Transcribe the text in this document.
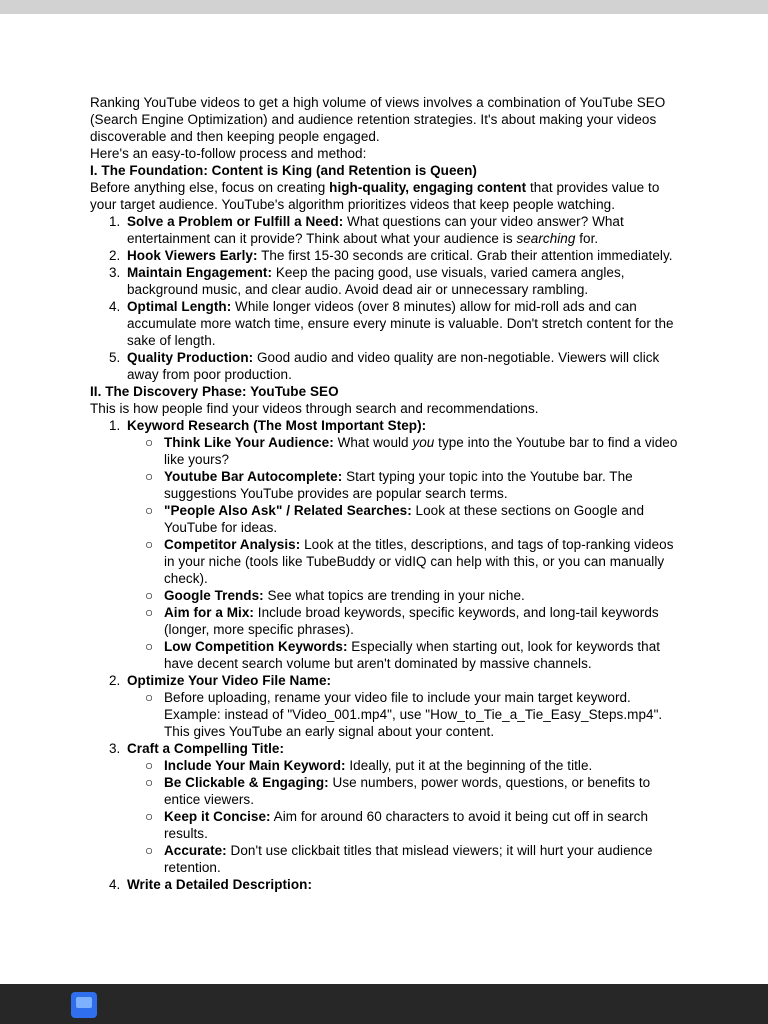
Ranking YouTube videos to get a high volume of views involves a combination of YouTube SEO (Search Engine Optimization) and audience retention strategies. It's about making your videos discoverable and then keeping people engaged.
Here's an easy-to-follow process and method:
I. The Foundation: Content is King (and Retention is Queen)
Before anything else, focus on creating high-quality, engaging content that provides value to your target audience. YouTube's algorithm prioritizes videos that keep people watching.
1. Solve a Problem or Fulfill a Need: What questions can your video answer? What entertainment can it provide? Think about what your audience is searching for.
2. Hook Viewers Early: The first 15-30 seconds are critical. Grab their attention immediately.
3. Maintain Engagement: Keep the pacing good, use visuals, varied camera angles, background music, and clear audio. Avoid dead air or unnecessary rambling.
4. Optimal Length: While longer videos (over 8 minutes) allow for mid-roll ads and can accumulate more watch time, ensure every minute is valuable. Don't stretch content for the sake of length.
5. Quality Production: Good audio and video quality are non-negotiable. Viewers will click away from poor production.
II. The Discovery Phase: YouTube SEO
This is how people find your videos through search and recommendations.
1. Keyword Research (The Most Important Step):
○ Think Like Your Audience: What would you type into the Youtube bar to find a video like yours?
○ Youtube Bar Autocomplete: Start typing your topic into the Youtube bar. The suggestions YouTube provides are popular search terms.
○ "People Also Ask" / Related Searches: Look at these sections on Google and YouTube for ideas.
○ Competitor Analysis: Look at the titles, descriptions, and tags of top-ranking videos in your niche (tools like TubeBuddy or vidIQ can help with this, or you can manually check).
○ Google Trends: See what topics are trending in your niche.
○ Aim for a Mix: Include broad keywords, specific keywords, and long-tail keywords (longer, more specific phrases).
○ Low Competition Keywords: Especially when starting out, look for keywords that have decent search volume but aren't dominated by massive channels.
2. Optimize Your Video File Name:
○ Before uploading, rename your video file to include your main target keyword. Example: instead of "Video_001.mp4", use "How_to_Tie_a_Tie_Easy_Steps.mp4". This gives YouTube an early signal about your content.
3. Craft a Compelling Title:
○ Include Your Main Keyword: Ideally, put it at the beginning of the title.
○ Be Clickable & Engaging: Use numbers, power words, questions, or benefits to entice viewers.
○ Keep it Concise: Aim for around 60 characters to avoid it being cut off in search results.
○ Accurate: Don't use clickbait titles that mislead viewers; it will hurt your audience retention.
4. Write a Detailed Description:
